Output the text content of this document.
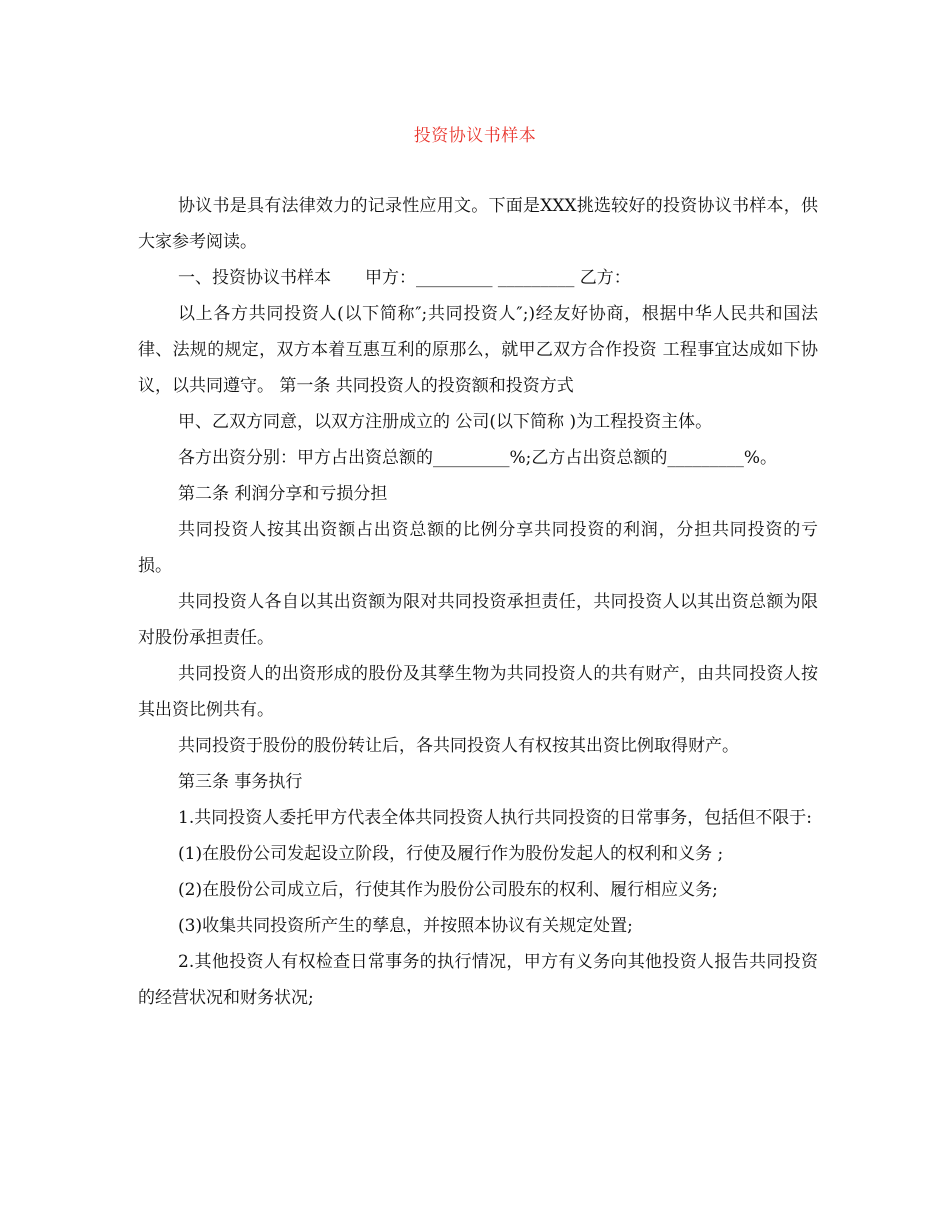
投资协议书样本

协议书是具有法律效力的记录性应用文。下面是XXX挑选较好的投资协议书样本，供大家参考阅读。

一、投资协议书样本　　甲方：_________ _________ 乙方：

以上各方共同投资人(以下简称″;共同投资人″;)经友好协商，根据中华人民共和国法律、法规的规定，双方本着互惠互利的原那么，就甲乙双方合作投资 工程事宜达成如下协议，以共同遵守。 第一条 共同投资人的投资额和投资方式

甲、乙双方同意，以双方注册成立的 公司(以下简称 )为工程投资主体。

各方出资分别：甲方占出资总额的_________%;乙方占出资总额的_________%。

第二条 利润分享和亏损分担

共同投资人按其出资额占出资总额的比例分享共同投资的利润，分担共同投资的亏损。

共同投资人各自以其出资额为限对共同投资承担责任，共同投资人以其出资总额为限对股份承担责任。

共同投资人的出资形成的股份及其孳生物为共同投资人的共有财产，由共同投资人按其出资比例共有。

共同投资于股份的股份转让后，各共同投资人有权按其出资比例取得财产。

第三条 事务执行

1.共同投资人委托甲方代表全体共同投资人执行共同投资的日常事务，包括但不限于:

(1)在股份公司发起设立阶段，行使及履行作为股份发起人的权利和义务 ;

(2)在股份公司成立后，行使其作为股份公司股东的权利、履行相应义务;

(3)收集共同投资所产生的孳息，并按照本协议有关规定处置;

2.其他投资人有权检查日常事务的执行情况，甲方有义务向其他投资人报告共同投资的经营状况和财务状况;
